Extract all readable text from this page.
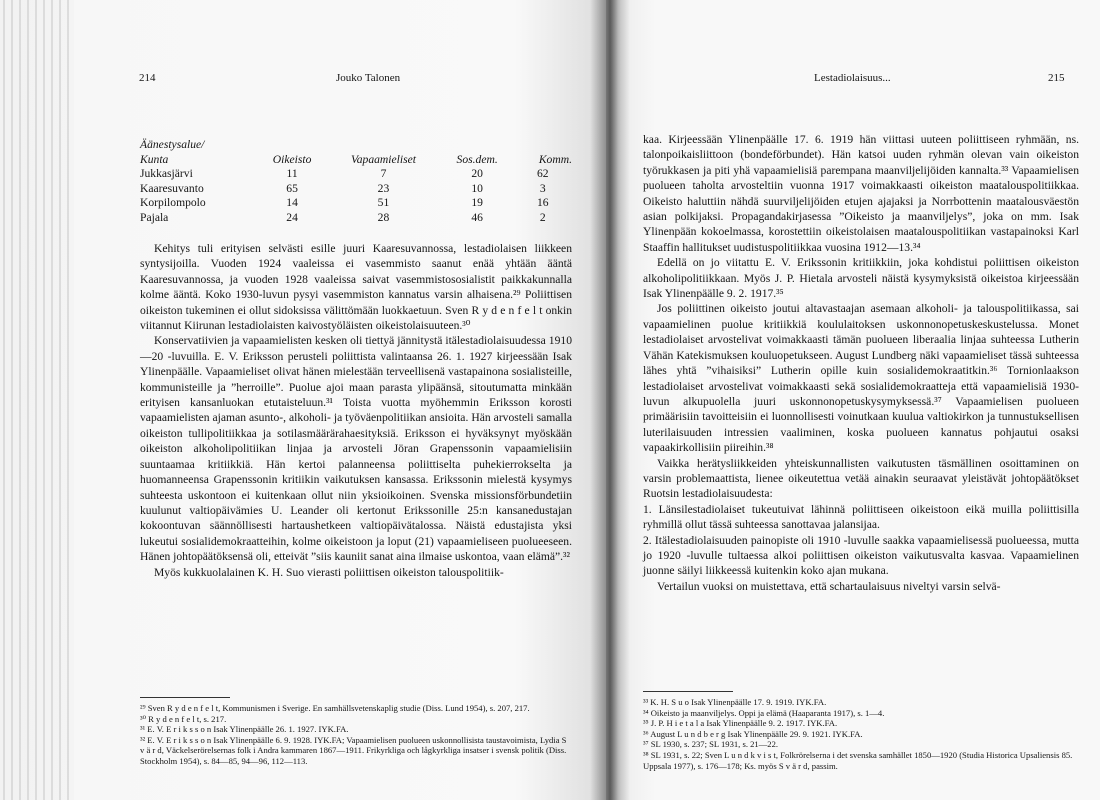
214	Jouko Talonen
Äänestysalue/				
Kunta	Oikeisto	Vapaamieliset	Sos.dem.	Komm.
Jukkasjärvi	11	7	20	62
Kaaresuvanto	65	23	10	3
Korpilompolo	14	51	19	16
Pajala	24	28	46	2

Kehitys tuli erityisen selvästi esille juuri Kaaresuvannossa, lestadiolaisen liikkeen syntysijoilla. Vuoden 1924 vaaleissa ei vasemmisto saanut enää yhtään ääntä Kaaresuvannossa, ja vuoden 1928 vaaleissa saivat vasemmistososialistit paikkakunnalla kolme ääntä. Koko 1930-luvun pysyi vasemmiston kannatus varsin alhaisena.²⁹ Poliittisen oikeiston tukeminen ei ollut sidoksissa välittömään luokkaetuun. Sven R y d e n f e l t onkin viitannut Kiirunan lestadiolaisten kaivostyöläisten oikeistolaisuuteen.³⁰

Konservatiivien ja vapaamielisten kesken oli tiettyä jännitystä itälestadiolaisuudessa 1910—20 -luvuilla. E. V. Eriksson perusteli poliittista valintaansa 26. 1. 1927 kirjeessään Isak Ylinenpäälle. Vapaamieliset olivat hänen mielestään terveellisenä vastapainona sosialisteille, kommunisteille ja ”herroille”. Puolue ajoi maan parasta ylipäänsä, sitoutumatta minkään erityisen kansanluokan etutaisteluun.³¹ Toista vuotta myöhemmin Eriksson korosti vapaamielisten ajaman asunto-, alkoholi- ja työväenpolitiikan ansioita. Hän arvosteli samalla oikeiston tullipolitiikkaa ja sotilasmäärärahaesityksiä. Eriksson ei hyväksynyt myöskään oikeiston alkoholipolitiikan linjaa ja arvosteli Jöran Grapenssonin vapaamielisiin suuntaamaa kritiikkiä. Hän kertoi palanneensa poliittiselta puhekierrokselta ja huomanneensa Grapenssonin kritiikin vaikutuksen kansassa. Erikssonin mielestä kysymys suhteesta uskontoon ei kuitenkaan ollut niin yksioikoinen. Svenska missionsförbundetiin kuulunut valtiopäivämies U. Leander oli kertonut Erikssonille 25:n kansanedustajan kokoontuvan säännöllisesti hartaushetkeen valtiopäivätalossa. Näistä edustajista yksi lukeutui sosialidemokraatteihin, kolme oikeistoon ja loput (21) vapaamieliseen puolueeseen. Hänen johtopäätöksensä oli, etteivät ”siis kauniit sanat aina ilmaise uskontoa, vaan elämä”.³²

Myös kukkuolalainen K. H. Suo vierasti poliittisen oikeiston talouspolitiik-

²⁹ Sven R y d e n f e l t, Kommunismen i Sverige. En samhällsvetenskaplig studie (Diss. Lund 1954), s. 207, 217.
³⁰ R y d e n f e l t, s. 217.
³¹ E. V. E r i k s s o n Isak Ylinenpäälle 26. 1. 1927. IYK.FA.
³² E. V. E r i k s s o n Isak Ylinenpäälle 6. 9. 1928. IYK.FA; Vapaamielisen puolueen uskonnollisista taustavoimista, Lydia S v ä r d, Väckelserörelsernas folk i Andra kammaren 1867—1911. Frikyrkliga och lågkyrkliga insatser i svensk politik (Diss. Stockholm 1954), s. 84—85, 94—96, 112—113.
Lestadiolaisuus...	215

kaa. Kirjeessään Ylinenpäälle 17. 6. 1919 hän viittasi uuteen poliittiseen ryhmään, ns. talonpoikaisliittoon (bondeförbundet). Hän katsoi uuden ryhmän olevan vain oikeiston työrukkasen ja piti yhä vapaamielisiä parempana maanviljelijöiden kannalta.³³ Vapaamielisen puolueen taholta arvosteltiin vuonna 1917 voimakkaasti oikeiston maatalouspolitiikkaa. Oikeisto haluttiin nähdä suurviljelijöiden etujen ajajaksi ja Norrbottenin maatalousväestön asian polkijaksi. Propagandakirjasessa ”Oikeisto ja maanviljelys”, joka on mm. Isak Ylinenpään kokoelmassa, korostettiin oikeistolaisen maatalouspolitiikan vastapainoksi Karl Staaffin hallitukset uudistuspolitiikkaa vuosina 1912—13.³⁴

Edellä on jo viitattu E. V. Erikssonin kritiikkiin, joka kohdistui poliittisen oikeiston alkoholipolitiikkaan. Myös J. P. Hietala arvosteli näistä kysymyksistä oikeistoa kirjeessään Isak Ylinenpäälle 9. 2. 1917.³⁵

Jos poliittinen oikeisto joutui altavastaajan asemaan alkoholi- ja talouspolitiikassa, sai vapaamielinen puolue kritiikkiä koululaitoksen uskonnonopetuskeskustelussa. Monet lestadiolaiset arvostelivat voimakkaasti tämän puolueen liberaalia linjaa suhteessa Lutherin Vähän Katekismuksen kouluopetukseen. August Lundberg näki vapaamieliset tässä suhteessa lähes yhtä ”vihaisiksi” Lutherin opille kuin sosialidemokraatitkin.³⁶ Tornionlaakson lestadiolaiset arvostelivat voimakkaasti sekä sosialidemokraatteja että vapaamielisiä 1930-luvun alkupuolella juuri uskonnonopetuskysymyksessä.³⁷ Vapaamielisen puolueen primäärisiin tavoitteisiin ei luonnollisesti voinutkaan kuulua valtiokirkon ja tunnustuksellisen luterilaisuuden intressien vaaliminen, koska puolueen kannatus pohjautui osaksi vapaakirkollisiin piireihin.³⁸

Vaikka herätysliikkeiden yhteiskunnallisten vaikutusten täsmällinen osoittaminen on varsin problemaattista, lienee oikeutettua vetää ainakin seuraavat yleistävät johtopäätökset Ruotsin lestadiolaisuudesta:

1. Länsilestadiolaiset tukeutuivat lähinnä poliittiseen oikeistoon eikä muilla poliittisilla ryhmillä ollut tässä suhteessa sanottavaa jalansijaa.

2. Itälestadiolaisuuden painopiste oli 1910 -luvulle saakka vapaamielisessä puolueessa, mutta jo 1920 -luvulle tultaessa alkoi poliittisen oikeiston vaikutusvalta kasvaa. Vapaamielinen juonne säilyi liikkeessä kuitenkin koko ajan mukana.

Vertailun vuoksi on muistettava, että schartaulaisuus niveltyi varsin selvä-

³³ K. H. S u o Isak Ylinenpäälle 17. 9. 1919. IYK.FA.
³⁴ Oikeisto ja maanviljelys. Oppi ja elämä (Haaparanta 1917), s. 1—4.
³⁵ J. P. H i e t a l a Isak Ylinenpäälle 9. 2. 1917. IYK.FA.
³⁶ August L u n d b e r g Isak Ylinenpäälle 29. 9. 1921. IYK.FA.
³⁷ SL 1930, s. 237; SL 1931, s. 21—22.
³⁸ SL 1931, s. 22; Sven L u n d k v i s t, Folkrörelserna i det svenska samhället 1850—1920 (Studia Historica Upsaliensis 85. Uppsala 1977), s. 176—178; Ks. myös S v ä r d, passim.
